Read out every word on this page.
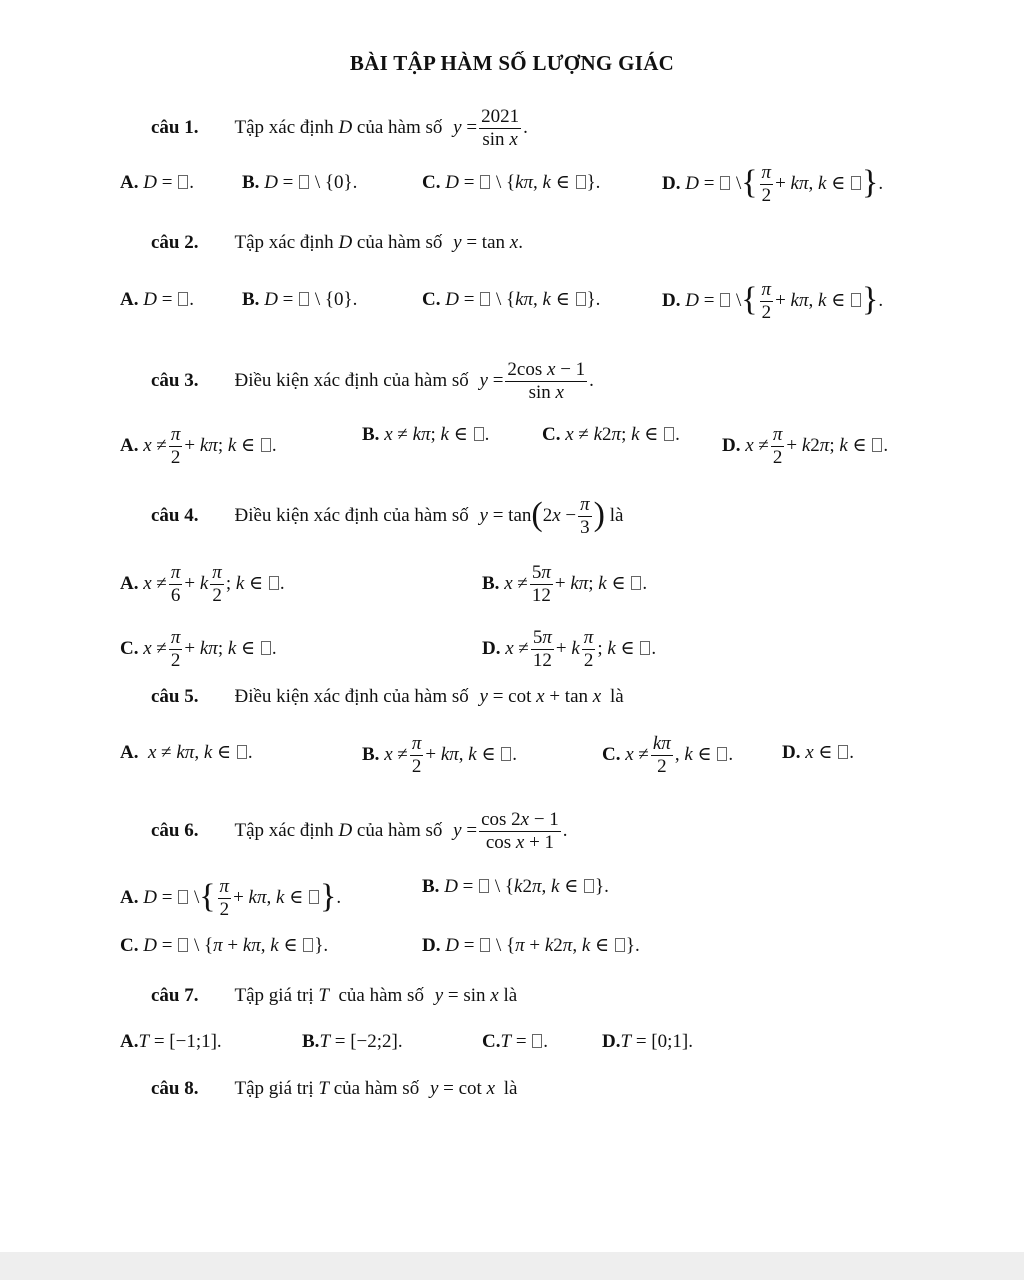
BÀI TẬP HÀM SỐ LƯỢNG GIÁC
câu 1. Tập xác định D của hàm số $y = \frac{2021}{\text{sin x}}$ .
A. D = .	B. D =  \ {0}.	C. D =  \ {kπ, k ∈ }.	D. D =  \{ $\frac{\pi}{2} + k\pi$, k ∈ }.
câu 2. Tập xác định D của hàm số y = tan x.
A. D = .	B. D =  \ {0}.	C. D =  \ {kπ, k ∈ }.	D. D =  \{ $\frac{\pi}{2} + k\pi$, k ∈ }.
câu 3. Điều kiện xác định của hàm số $y = \frac{\text{2cos x − 1}}{\text{sin x}}$ .
A. $x \ne \frac{\pi}{2} + k\pi$; k ∈ .
B. x ≠ kπ; k ∈ .	C. x ≠ k2π; k ∈ .
D. $x \ne \frac{\pi}{2} + k2\pi$; k ∈ .
câu 4. Điều kiện xác định của hàm số $y = \tan(2x - \frac{\pi}{3}$ ) là
A. $x \ne \frac{\pi}{6} + k \frac{\pi}{2}$ ; k ∈ .	B. $x \ne \frac{5\pi}{12} + k\pi$; k ∈ .
C. $x \ne \frac{\pi}{2} + k\pi$; k ∈ .	D. $x \ne \frac{5\pi}{12} + k \frac{\pi}{2}$ ; k ∈ .
câu 5. Điều kiện xác định của hàm số y = cot x + tan x là
A. x ≠ kπ, k ∈ .	B. $x \ne \frac{\pi}{2} + k\pi$, k ∈ .	C. $x \ne \frac{k\pi}{2}$ , k ∈ .	D. x ∈ .
câu 6. Tập xác định D của hàm số $y = \frac{\cos 2x - 1}{\text{cos x + 1}}$ .
A. D =  \{ $\frac{\pi}{2} + k\pi$, k ∈ }.
B. D =  \ {k2π, k ∈ }.
C. D =  \ {π + kπ, k ∈ }.	D. D =  \ {π + k2π, k ∈ }.
câu 7. Tập giá trị T  của hàm số y = sin x là
A.T = [−1;1].	B.T = [−2;2].	C.T = .	D.T = [0;1].
câu 8. Tập giá trị T của hàm số y = cot x là
